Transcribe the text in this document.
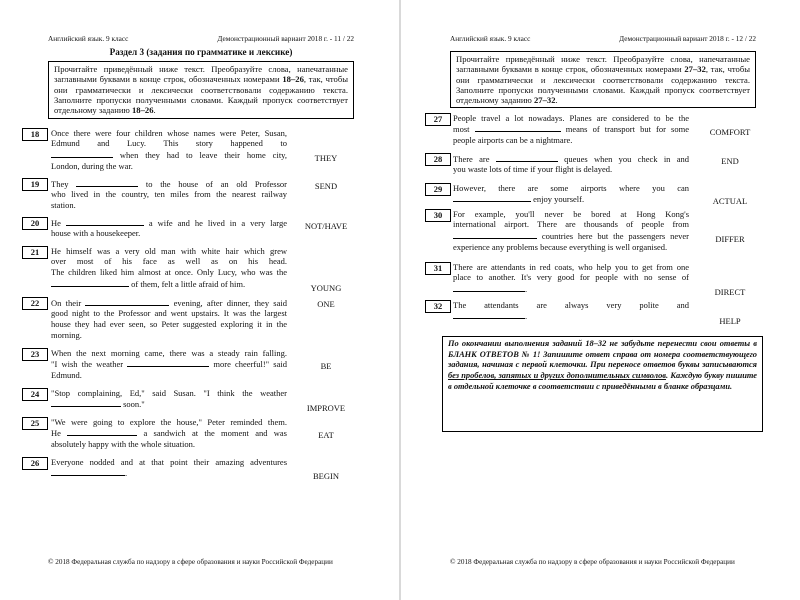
Английский язык. 9 класс	Демонстрационный вариант 2018 г. - 11 / 22
Раздел 3 (задания по грамматике и лексике)
Прочитайте приведённый ниже текст. Преобразуйте слова, напечатанные заглавными буквами в конце строк, обозначенных номерами 18–26, так, чтобы они грамматически и лексически соответствовали содержанию текста. Заполните пропуски полученными словами. Каждый пропуск соответствует отдельному заданию 18–26.
© 2018 Федеральная служба по надзору в сфере образования и науки Российской Федерации
18	Once there were four children whose names were Peter, Susan,
Edmund and Lucy. This story happened to
when they had to leave their home city,
London, during the war.
THEY
19	They	to the house of an old Professor
who lived in the country, ten miles from the nearest railway
station.
SEND
20	He	a wife and he lived in a very large
house with a housekeeper.
NOT/HAVE
21	He himself was a very old man with white hair which grew
over most of his face as well as on his head.
The children liked him almost at once. Only Lucy, who was the
of them, felt a little afraid of him.	YOUNG
22	On their	evening, after dinner, they said
good night to the Professor and went upstairs. It was the largest
house they had ever seen, so Peter suggested exploring it in the
morning.
ONE
23	When the next morning came, there was a steady rain falling.
"I wish the weather	more cheerful!" said
Edmund.
BE
24	"Stop complaining, Ed," said Susan. "I think the weather
soon."	IMPROVE
25	"We were going to explore the house," Peter reminded them.
He	a sandwich at the moment and was
absolutely happy with the whole situation.
EAT
26	Everyone nodded and at that point their amazing adventures
.	BEGIN
Английский язык. 9 класс	Демонстрационный вариант 2018 г. - 12 / 22
Прочитайте приведённый ниже текст. Преобразуйте слова, напечатанные заглавными буквами в конце строк, обозначенных номерами 27–32, так, чтобы они грамматически и лексически соответствовали содержанию текста. Заполните пропуски полученными словами. Каждый пропуск соответствует отдельному заданию 27–32.
По окончании выполнения заданий 18–32 не забудьте перенести свои ответы в БЛАНК ОТВЕТОВ № 1! Запишите ответ справа от номера соответствующего задания, начиная с первой клеточки. При переносе ответов буквы записываются без пробелов, запятых и других дополнительных символов. Каждую букву пишите в отдельной клеточке в соответствии с приведёнными в бланке образцами.
© 2018 Федеральная служба по надзору в сфере образования и науки Российской Федерации
27	People travel a lot nowadays. Planes are considered to be the
most	means of transport but for some
people airports can be a nightmare.
COMFORT
28	There are	queues when you check in and
you waste lots of time if your flight is delayed.
END
29	However, there are some airports where you can
enjoy yourself.	ACTUAL
30	For example, you'll never be bored at Hong Kong's
international airport. There are thousands of people from
countries here but the passengers never
experience any problems because everything is well organised.
DIFFER
31	There are attendants in red coats, who help you to get from one
place to another. It's very good for people with no sense of
.	DIRECT
32	The attendants are always very polite and
.	HELP
